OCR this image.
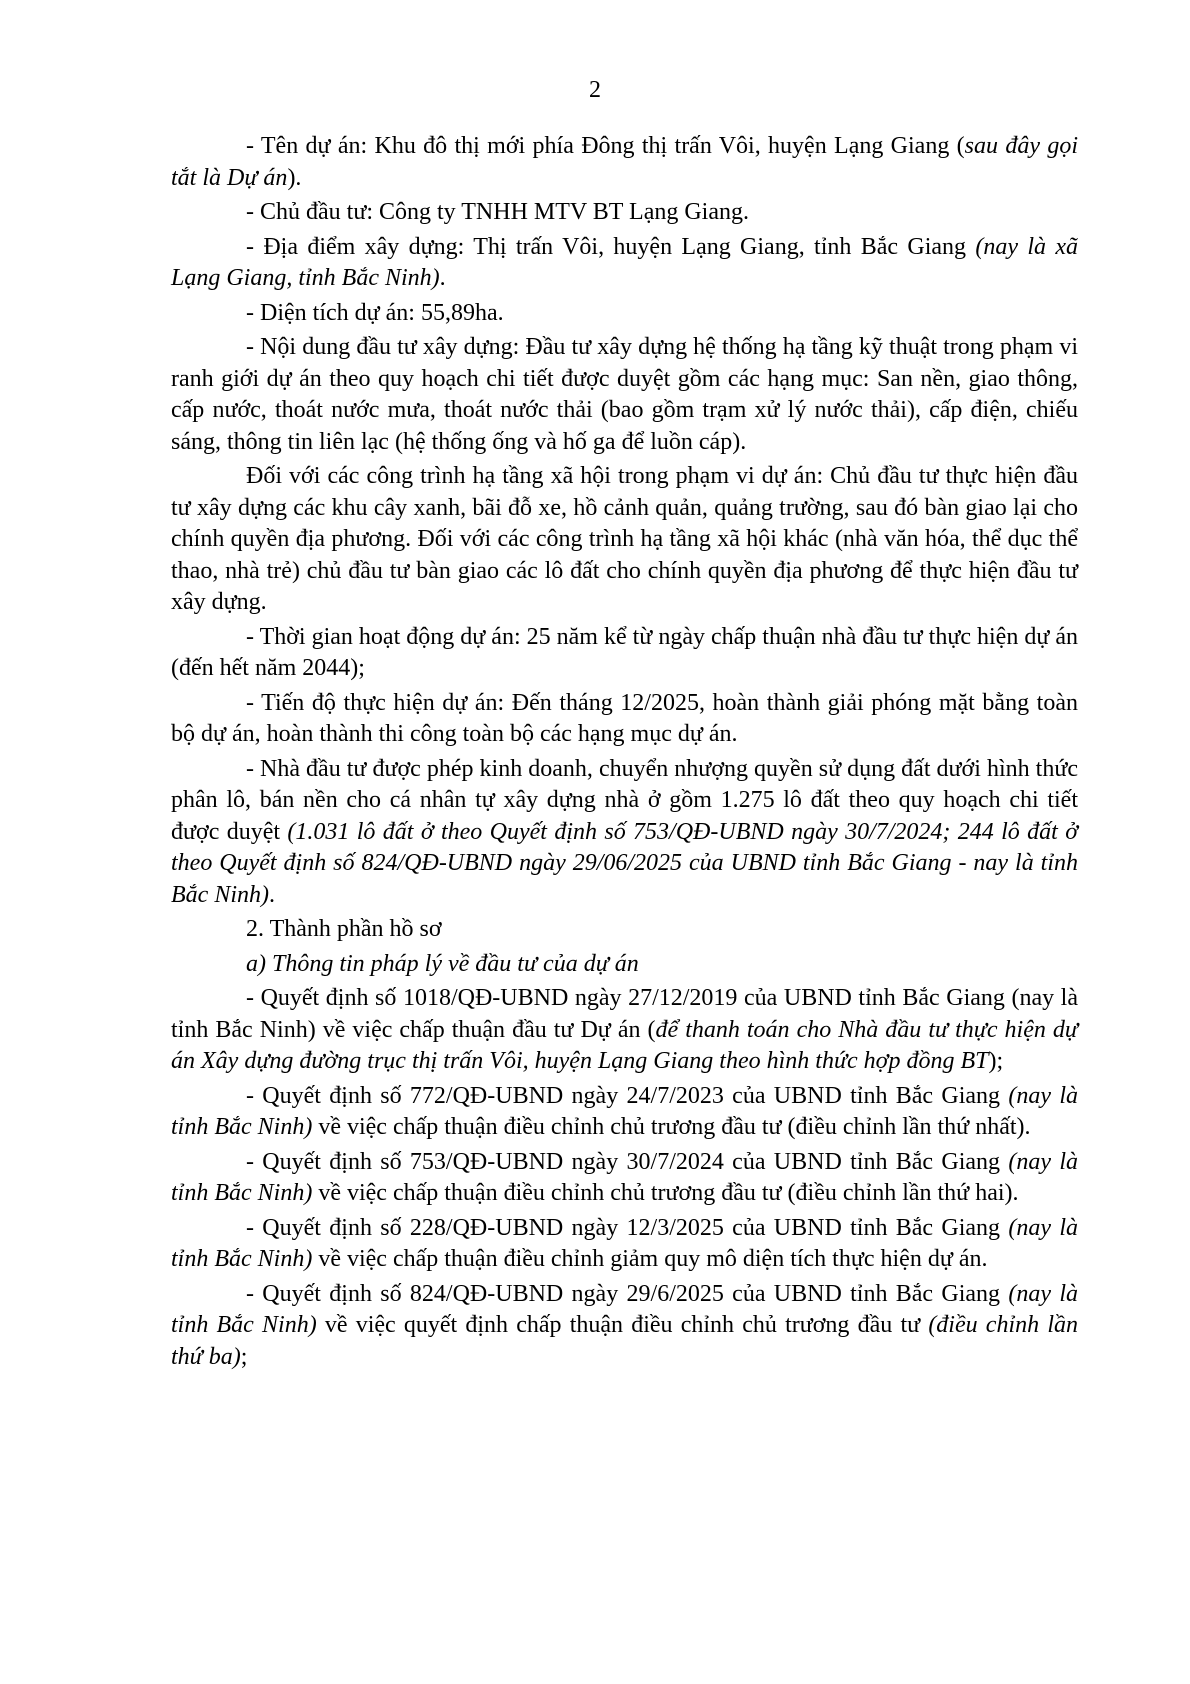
2

- Tên dự án: Khu đô thị mới phía Đông thị trấn Vôi, huyện Lạng Giang (sau đây gọi tắt là Dự án).

- Chủ đầu tư: Công ty TNHH MTV BT Lạng Giang.

- Địa điểm xây dựng: Thị trấn Vôi, huyện Lạng Giang, tỉnh Bắc Giang (nay là xã Lạng Giang, tỉnh Bắc Ninh).

- Diện tích dự án: 55,89ha.

- Nội dung đầu tư xây dựng: Đầu tư xây dựng hệ thống hạ tầng kỹ thuật trong phạm vi ranh giới dự án theo quy hoạch chi tiết được duyệt gồm các hạng mục: San nền, giao thông, cấp nước, thoát nước mưa, thoát nước thải (bao gồm trạm xử lý nước thải), cấp điện, chiếu sáng, thông tin liên lạc (hệ thống ống và hố ga để luồn cáp).

Đối với các công trình hạ tầng xã hội trong phạm vi dự án: Chủ đầu tư thực hiện đầu tư xây dựng các khu cây xanh, bãi đỗ xe, hồ cảnh quản, quảng trường, sau đó bàn giao lại cho chính quyền địa phương. Đối với các công trình hạ tầng xã hội khác (nhà văn hóa, thể dục thể thao, nhà trẻ) chủ đầu tư bàn giao các lô đất cho chính quyền địa phương để thực hiện đầu tư xây dựng.

- Thời gian hoạt động dự án: 25 năm kể từ ngày chấp thuận nhà đầu tư thực hiện dự án (đến hết năm 2044);

- Tiến độ thực hiện dự án: Đến tháng 12/2025, hoàn thành giải phóng mặt bằng toàn bộ dự án, hoàn thành thi công toàn bộ các hạng mục dự án.

- Nhà đầu tư được phép kinh doanh, chuyển nhượng quyền sử dụng đất dưới hình thức phân lô, bán nền cho cá nhân tự xây dựng nhà ở gồm 1.275 lô đất theo quy hoạch chi tiết được duyệt (1.031 lô đất ở theo Quyết định số 753/QĐ-UBND ngày 30/7/2024; 244 lô đất ở theo Quyết định số 824/QĐ-UBND ngày 29/06/2025 của UBND tỉnh Bắc Giang - nay là tỉnh Bắc Ninh).

2. Thành phần hồ sơ

a) Thông tin pháp lý về đầu tư của dự án

- Quyết định số 1018/QĐ-UBND ngày 27/12/2019 của UBND tỉnh Bắc Giang (nay là tỉnh Bắc Ninh) về việc chấp thuận đầu tư Dự án (để thanh toán cho Nhà đầu tư thực hiện dự án Xây dựng đường trục thị trấn Vôi, huyện Lạng Giang theo hình thức hợp đồng BT);

- Quyết định số 772/QĐ-UBND ngày 24/7/2023 của UBND tỉnh Bắc Giang (nay là tỉnh Bắc Ninh) về việc chấp thuận điều chỉnh chủ trương đầu tư (điều chỉnh lần thứ nhất).

- Quyết định số 753/QĐ-UBND ngày 30/7/2024 của UBND tỉnh Bắc Giang (nay là tỉnh Bắc Ninh) về việc chấp thuận điều chỉnh chủ trương đầu tư (điều chỉnh lần thứ hai).

- Quyết định số 228/QĐ-UBND ngày 12/3/2025 của UBND tỉnh Bắc Giang (nay là tỉnh Bắc Ninh) về việc chấp thuận điều chỉnh giảm quy mô diện tích thực hiện dự án.

- Quyết định số 824/QĐ-UBND ngày 29/6/2025 của UBND tỉnh Bắc Giang (nay là tỉnh Bắc Ninh) về việc quyết định chấp thuận điều chỉnh chủ trương đầu tư (điều chỉnh lần thứ ba);
